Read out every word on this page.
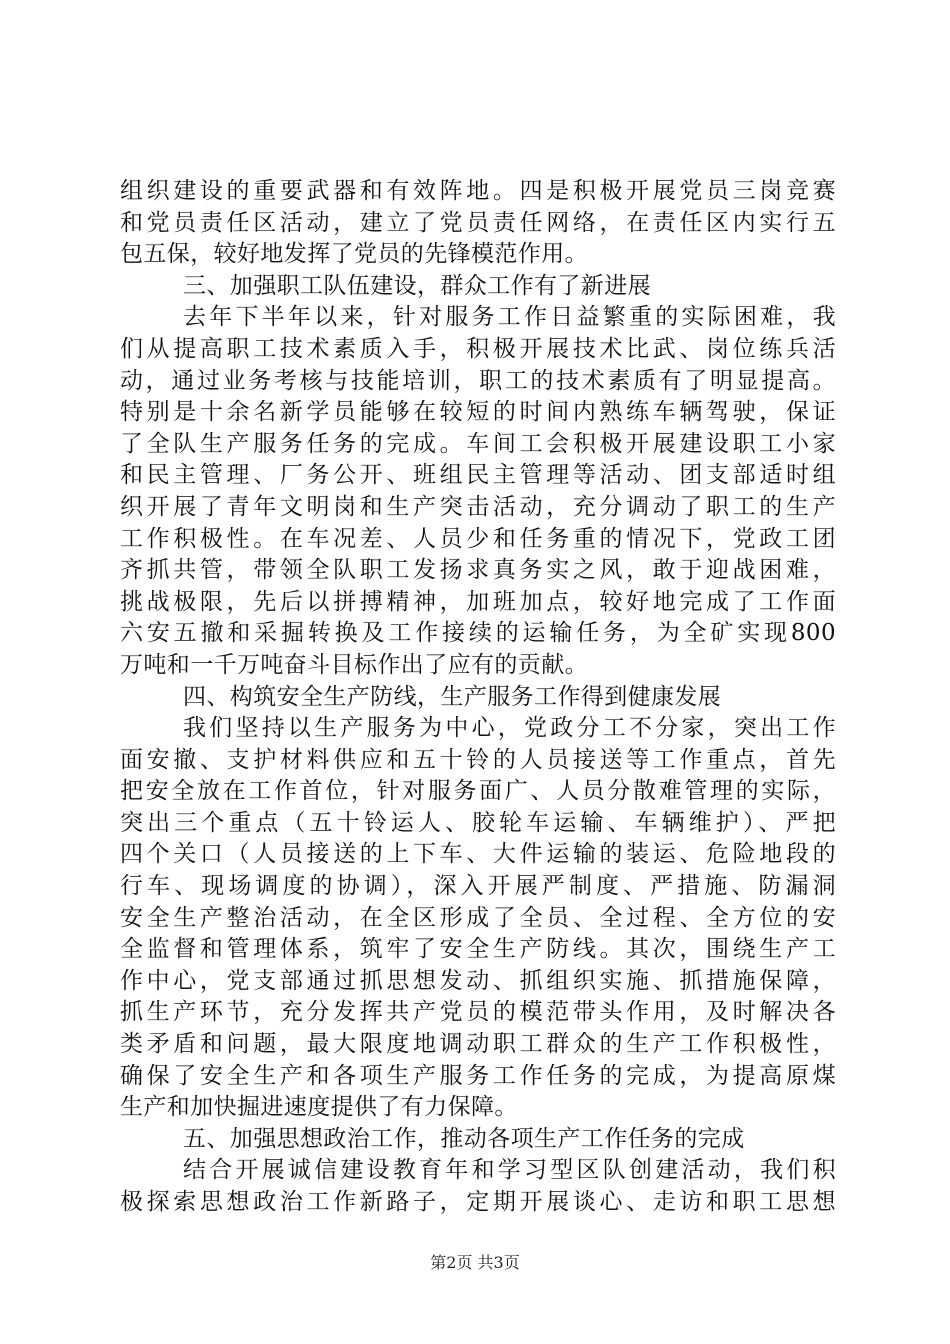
组织建设的重要武器和有效阵地。四是积极开展党员三岗竞赛
和党员责任区活动，建立了党员责任网络，在责任区内实行五
包五保，较好地发挥了党员的先锋模范作用。
三、加强职工队伍建设，群众工作有了新进展
去年下半年以来，针对服务工作日益繁重的实际困难，我
们从提高职工技术素质入手，积极开展技术比武、岗位练兵活
动，通过业务考核与技能培训，职工的技术素质有了明显提高。
特别是十余名新学员能够在较短的时间内熟练车辆驾驶，保证
了全队生产服务任务的完成。车间工会积极开展建设职工小家
和民主管理、厂务公开、班组民主管理等活动、团支部适时组
织开展了青年文明岗和生产突击活动，充分调动了职工的生产
工作积极性。在车况差、人员少和任务重的情况下，党政工团
齐抓共管，带领全队职工发扬求真务实之风，敢于迎战困难，
挑战极限，先后以拼搏精神，加班加点，较好地完成了工作面
六安五撤和采掘转换及工作接续的运输任务，为全矿实现800
万吨和一千万吨奋斗目标作出了应有的贡献。
四、构筑安全生产防线，生产服务工作得到健康发展
我们坚持以生产服务为中心，党政分工不分家，突出工作
面安撤、支护材料供应和五十铃的人员接送等工作重点，首先
把安全放在工作首位，针对服务面广、人员分散难管理的实际，
突出三个重点（五十铃运人、胶轮车运输、车辆维护）、严把
四个关口（人员接送的上下车、大件运输的装运、危险地段的
行车、现场调度的协调），深入开展严制度、严措施、防漏洞
安全生产整治活动，在全区形成了全员、全过程、全方位的安
全监督和管理体系，筑牢了安全生产防线。其次，围绕生产工
作中心，党支部通过抓思想发动、抓组织实施、抓措施保障，
抓生产环节，充分发挥共产党员的模范带头作用，及时解决各
类矛盾和问题，最大限度地调动职工群众的生产工作积极性，
确保了安全生产和各项生产服务工作任务的完成，为提高原煤
生产和加快掘进速度提供了有力保障。
五、加强思想政治工作，推动各项生产工作任务的完成
结合开展诚信建设教育年和学习型区队创建活动，我们积
极探索思想政治工作新路子，定期开展谈心、走访和职工思想
第2页 共3页
